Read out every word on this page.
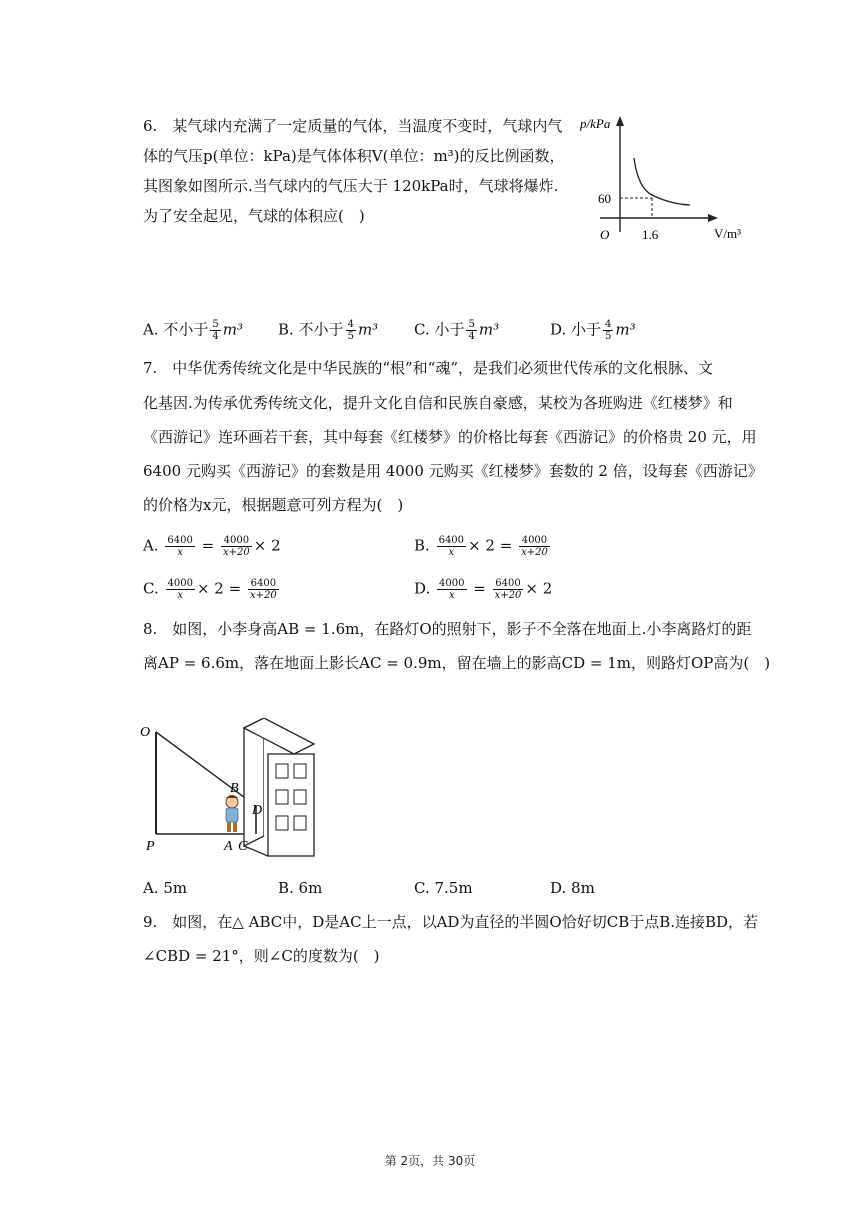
6.　某气球内充满了一定质量的气体，当温度不变时，气球内气
体的气压p(单位：kPa)是气体体积V(单位：m³)的反比例函数，
其图象如图所示.当气球内的气压大于 120kPa时，气球将爆炸.
为了安全起见，气球的体积应(　)
p/kPa
V/m³
O
60
1.6
A. 不小于 $\frac{5}{4} m^3$ B. 不小于 $\frac{4}{5} m^3$ C. 小于 $\frac{5}{4} m^3$	D. 小于 $\frac{4}{5} m^3$
7.　中华优秀传统文化是中华民族的“根”和“魂”，是我们必须世代传承的文化根脉、文
化基因.为传承优秀传统文化，提升文化自信和民族自豪感，某校为各班购进《红楼梦》和
《西游记》连环画若干套，其中每套《红楼梦》的价格比每套《西游记》的价格贵 20 元，用
6400 元购买《西游记》的套数是用 4000 元购买《红楼梦》套数的 2 倍，设每套《西游记》
的价格为x元，根据题意可列方程为(　)
A. $\frac{6400}{x} = \frac{4000}{x+20} \times 2$	B. $\frac{6400}{x} \times 2 = \frac{4000}{x+20}$
C. $\frac{4000}{x} \times 2 = \frac{6400}{x+20}$	D. $\frac{4000}{x} = \frac{6400}{x+20} \times 2$
8.　如图，小李身高AB = 1.6m，在路灯O的照射下，影子不全落在地面上.小李离路灯的距
离AP = 6.6m，落在地面上影长AC = 0.9m，留在墙上的影高CD = 1m，则路灯OP高为(　)
O
P
B
D
A C
A. 5m	B. 6m	C. 7.5m	D. 8m
9.　如图，在△ ABC中，D是AC上一点，以AD为直径的半圆O恰好切CB于点B.连接BD，若
∠CBD = 21°，则∠C的度数为(　)
第 2页，共 30页
